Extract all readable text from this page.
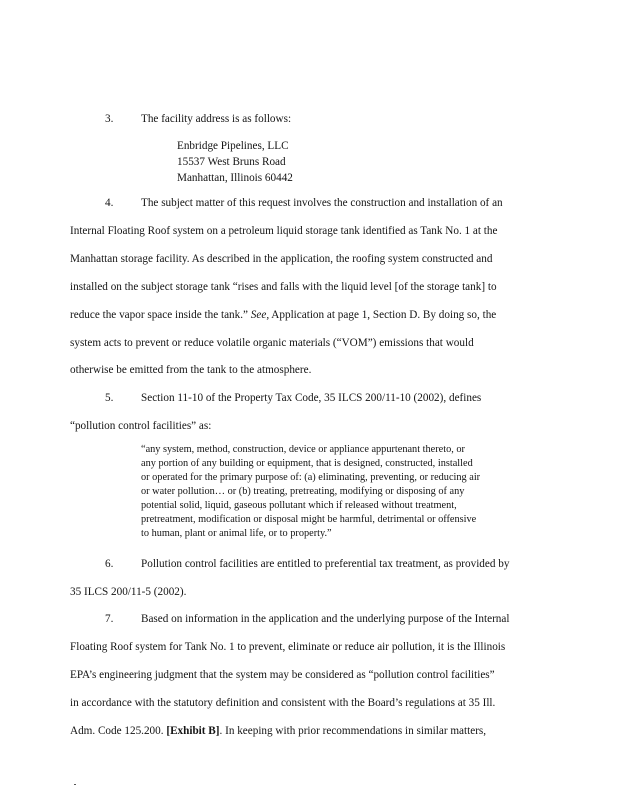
3. The facility address is as follows:
Enbridge Pipelines, LLC
15537 West Bruns Road
Manhattan, Illinois 60442
4. The subject matter of this request involves the construction and installation of an
Internal Floating Roof system on a petroleum liquid storage tank identified as Tank No. 1 at the
Manhattan storage facility. As described in the application, the roofing system constructed and
installed on the subject storage tank “rises and falls with the liquid level [of the storage tank] to
reduce the vapor space inside the tank.” See, Application at page 1, Section D. By doing so, the
system acts to prevent or reduce volatile organic materials (“VOM”) emissions that would
otherwise be emitted from the tank to the atmosphere.
5. Section 11-10 of the Property Tax Code, 35 ILCS 200/11-10 (2002), defines
“pollution control facilities” as:
“any system, method, construction, device or appliance appurtenant thereto, or
any portion of any building or equipment, that is designed, constructed, installed
or operated for the primary purpose of: (a) eliminating, preventing, or reducing air
or water pollution… or (b) treating, pretreating, modifying or disposing of any
potential solid, liquid, gaseous pollutant which if released without treatment,
pretreatment, modification or disposal might be harmful, detrimental or offensive
to human, plant or animal life, or to property.”
6. Pollution control facilities are entitled to preferential tax treatment, as provided by
35 ILCS 200/11-5 (2002).
7. Based on information in the application and the underlying purpose of the Internal
Floating Roof system for Tank No. 1 to prevent, eliminate or reduce air pollution, it is the Illinois
EPA’s engineering judgment that the system may be considered as “pollution control facilities”
in accordance with the statutory definition and consistent with the Board’s regulations at 35 Ill.
Adm. Code 125.200. [Exhibit B]. In keeping with prior recommendations in similar matters,
